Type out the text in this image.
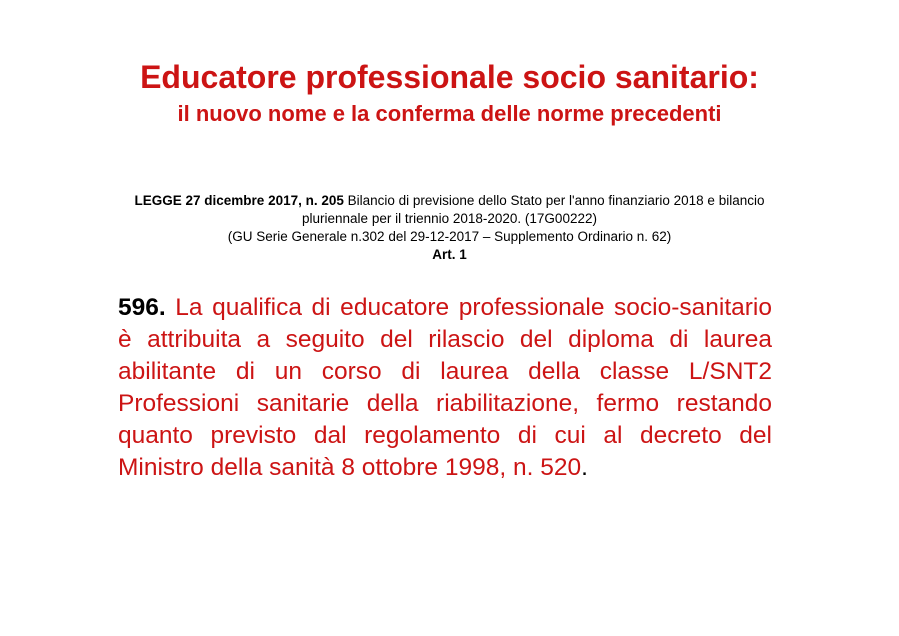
Educatore professionale socio sanitario:
il nuovo nome e la conferma delle norme precedenti
LEGGE 27 dicembre 2017, n. 205 Bilancio di previsione dello Stato per l'anno finanziario 2018 e bilancio pluriennale per il triennio 2018-2020. (17G00222)
(GU Serie Generale n.302 del 29-12-2017 – Supplemento Ordinario n. 62)
Art. 1

596. La qualifica di educatore professionale socio-sanitario è attribuita a seguito del rilascio del diploma di laurea abilitante di un corso di laurea della classe L/SNT2 Professioni sanitarie della riabilitazione, fermo restando quanto previsto dal regolamento di cui al decreto del Ministro della sanità 8 ottobre 1998, n. 520.
